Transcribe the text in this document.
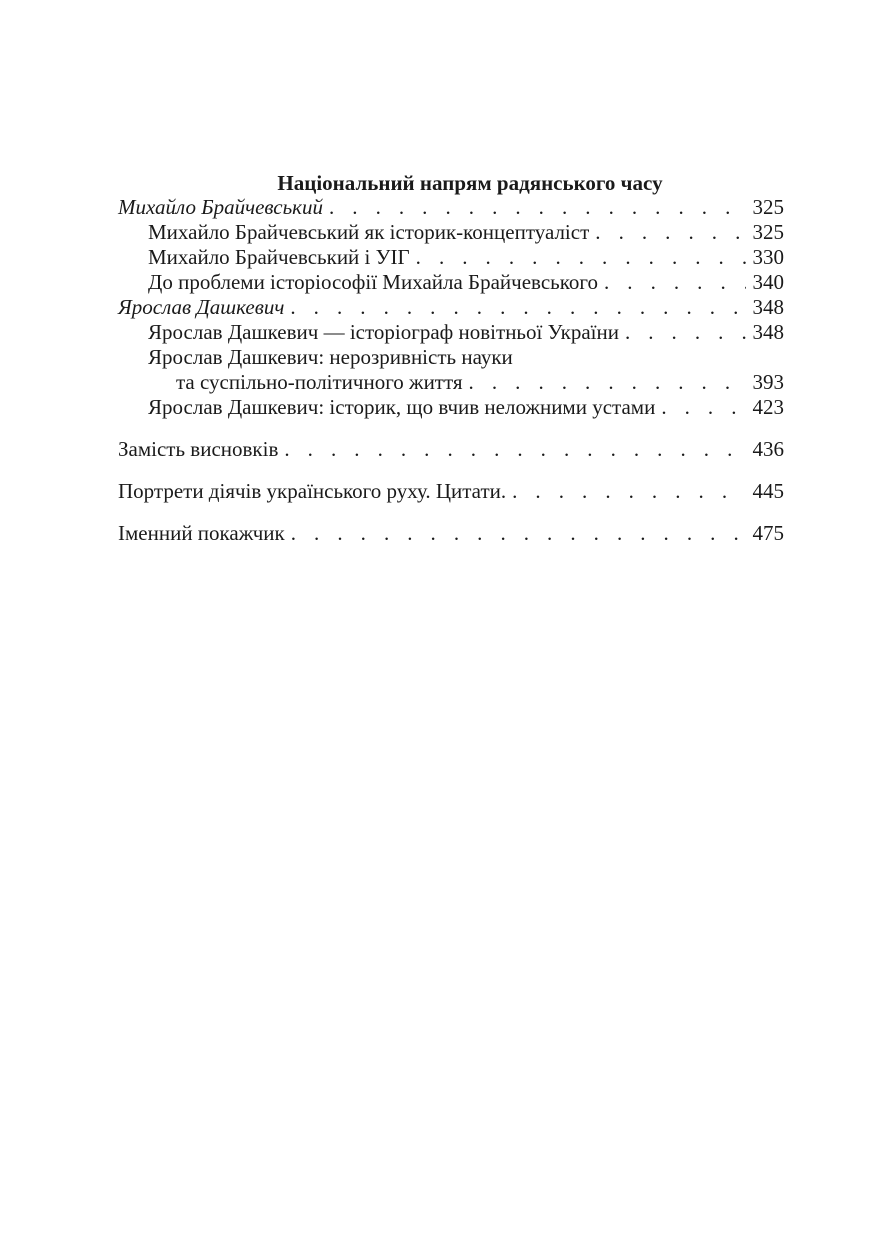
Національний напрям радянського часу
Михайло Брайчевський . . .	325
Михайло Брайчевський як історик-концептуаліст . . .	325
Михайло Брайчевський і УІГ . . .	330
До проблеми історіософії Михайла Брайчевського . . .	340
Ярослав Дашкевич . . .	348
Ярослав Дашкевич — історіограф новітньої України . . .	348
Ярослав Дашкевич: нерозривність науки
та суспільно-політичного життя . . .	393
Ярослав Дашкевич: історик, що вчив неложними устами . . .	423
Замість висновків . . .	436
Портрети діячів українського руху. Цитати. . . .	445
Іменний покажчик . . .	475
